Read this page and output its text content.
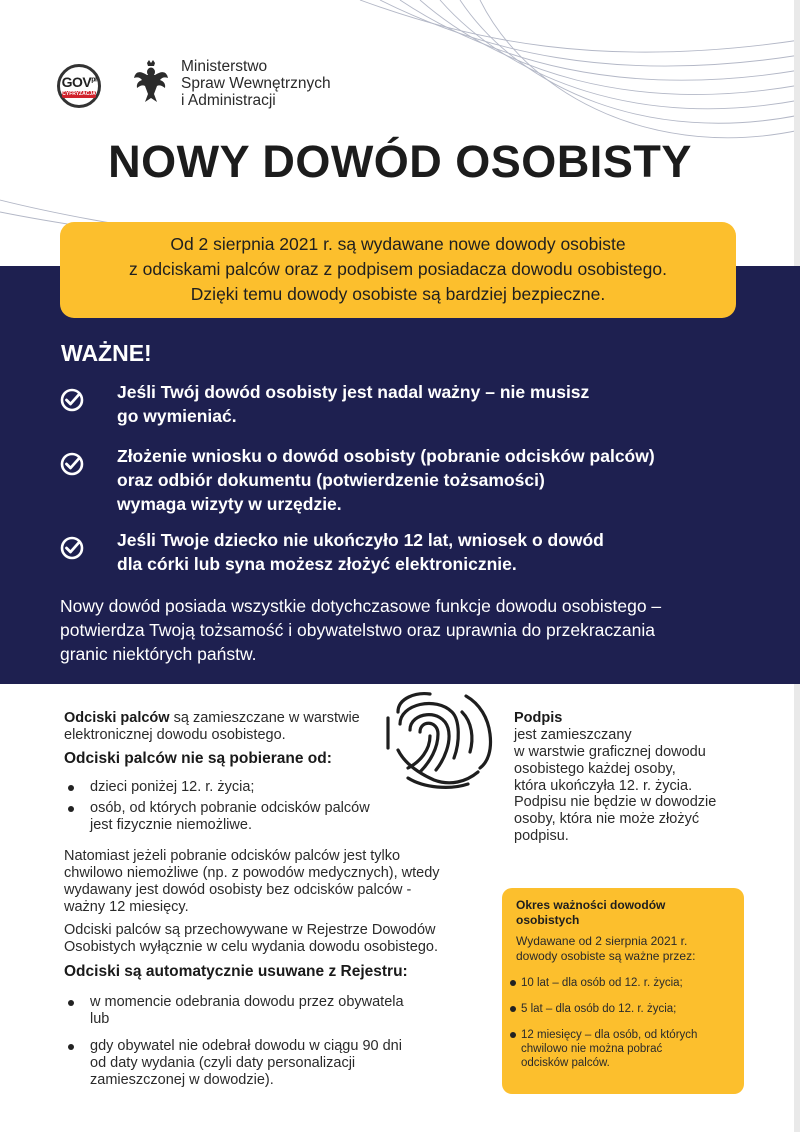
$GOV^{pl}$
CYFRYZACJA
Ministerstwo
Spraw Wewnętrznych
i Administracji
NOWY DOWÓD OSOBISTY
Od 2 sierpnia 2021 r. są wydawane nowe dowody osobiste
z odciskami palców oraz z podpisem posiadacza dowodu osobistego.
Dzięki temu dowody osobiste są bardziej bezpieczne.
WAŻNE!
Jeśli Twój dowód osobisty jest nadal ważny – nie musisz
go wymieniać.
Złożenie wniosku o dowód osobisty (pobranie odcisków palców)
oraz odbiór dokumentu (potwierdzenie tożsamości)
wymaga wizyty w urzędzie.
Jeśli Twoje dziecko nie ukończyło 12 lat, wniosek o dowód
dla córki lub syna możesz złożyć elektronicznie.
Nowy dowód posiada wszystkie dotychczasowe funkcje dowodu osobistego –
potwierdza Twoją tożsamość i obywatelstwo oraz uprawnia do przekraczania
granic niektórych państw.
Odciski palców są zamieszczane w warstwie
elektronicznej dowodu osobistego.
Odciski palców nie są pobierane od:
dzieci poniżej 12. r. życia;
osób, od których pobranie odcisków palców
jest fizycznie niemożliwe.
Natomiast jeżeli pobranie odcisków palców jest tylko
chwilowo niemożliwe (np. z powodów medycznych), wtedy
wydawany jest dowód osobisty bez odcisków palców -
ważny 12 miesięcy.
Odciski palców są przechowywane w Rejestrze Dowodów
Osobistych wyłącznie w celu wydania dowodu osobistego.
Odciski są automatycznie usuwane z Rejestru:
w momencie odebrania dowodu przez obywatela
lub
gdy obywatel nie odebrał dowodu w ciągu 90 dni
od daty wydania (czyli daty personalizacji
zamieszczonej w dowodzie).
Podpis
jest zamieszczany
w warstwie graficznej dowodu
osobistego każdej osoby,
która ukończyła 12. r. życia.
Podpisu nie będzie w dowodzie
osoby, która nie może złożyć
podpisu.
Okres ważności dowodów
osobistych
Wydawane od 2 sierpnia 2021 r.
dowody osobiste są ważne przez:
10 lat – dla osób od 12. r. życia;
5 lat – dla osób do 12. r. życia;
12 miesięcy – dla osób, od których
chwilowo nie można pobrać
odcisków palców.
